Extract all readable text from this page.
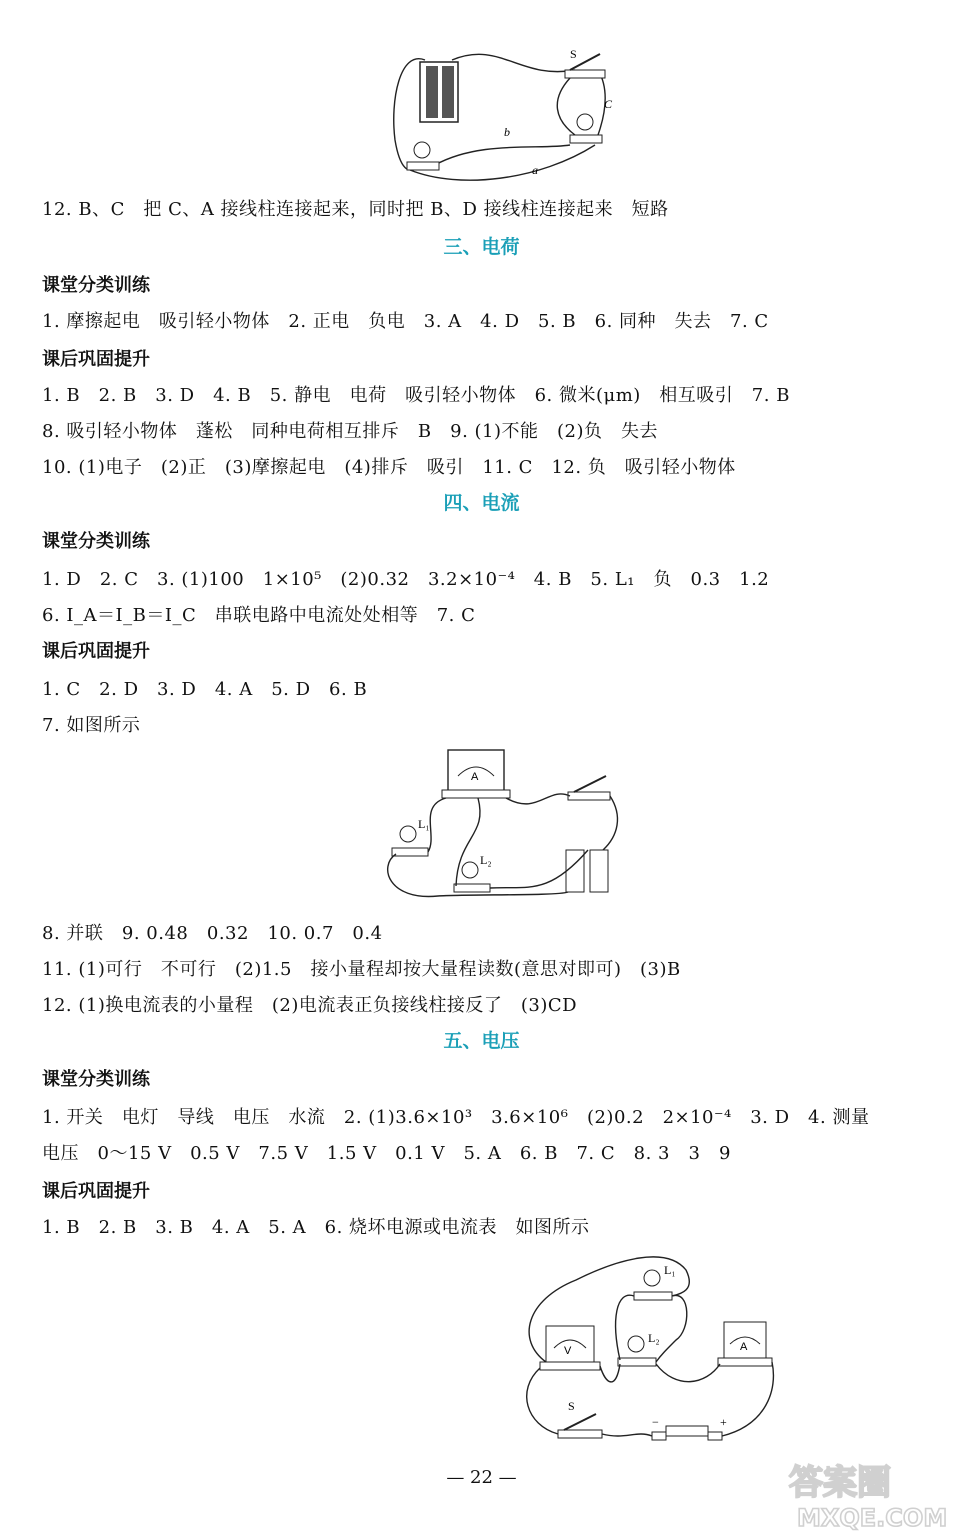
S
C
b
a
12. B、C　把 C、A 接线柱连接起来，同时把 B、D 接线柱连接起来　短路
三、电荷
课堂分类训练
1. 摩擦起电　吸引轻小物体　2. 正电　负电　3. A　4. D　5. B　6. 同种　失去　7. C
课后巩固提升
1. B　2. B　3. D　4. B　5. 静电　电荷　吸引轻小物体　6. 微米(μm)　相互吸引　7. B
8. 吸引轻小物体　蓬松　同种电荷相互排斥　B　9. (1)不能　(2)负　失去
10. (1)电子　(2)正　(3)摩擦起电　(4)排斥　吸引　11. C　12. 负　吸引轻小物体
四、电流
课堂分类训练
1. D　2. C　3. (1)100　1×10⁵　(2)0.32　3.2×10⁻⁴　4. B　5. L₁　负　0.3　1.2
6. I_A＝I_B＝I_C　串联电路中电流处处相等　7. C
课后巩固提升
1. C　2. D　3. D　4. A　5. D　6. B
7. 如图所示
A
L₁
L₂
8. 并联　9. 0.48　0.32　10. 0.7　0.4
11. (1)可行　不可行　(2)1.5　接小量程却按大量程读数(意思对即可)　(3)B
12. (1)换电流表的小量程　(2)电流表正负接线柱接反了　(3)CD
五、电压
课堂分类训练
1. 开关　电灯　导线　电压　水流　2. (1)3.6×10³　3.6×10⁶　(2)0.2　2×10⁻⁴　3. D　4. 测量
电压　0～15 V　0.5 V　7.5 V　1.5 V　0.1 V　5. A　6. B　7. C　8. 3　3　9
课后巩固提升
1. B　2. B　3. B　4. A　5. A　6. 烧坏电源或电流表　如图所示
L₁
L₂
V	A
S
−	+
— 22 —	答案圈
MXQE.COM
